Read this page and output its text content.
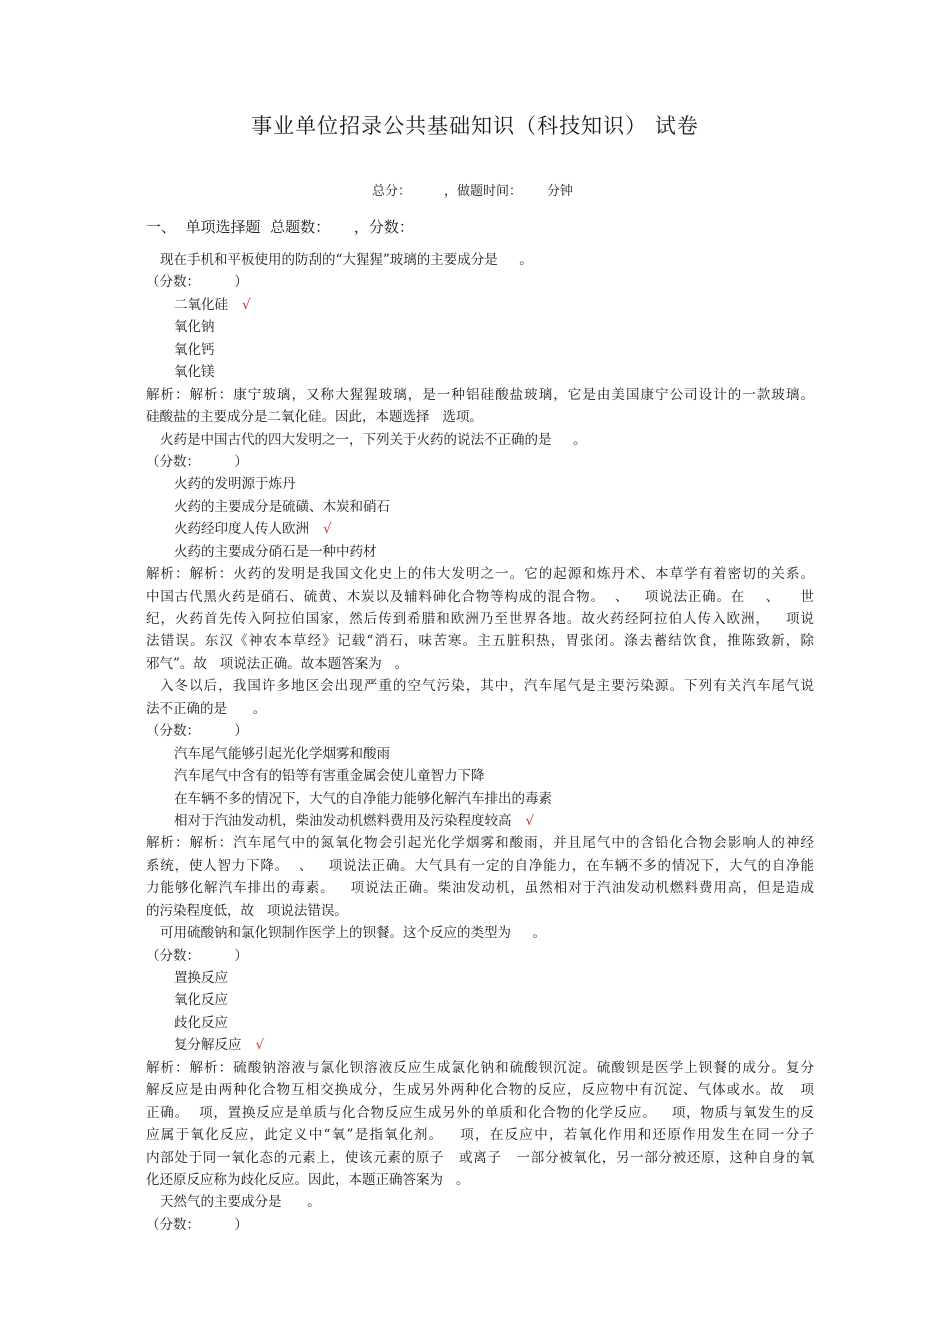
事业单位招录公共基础知识（科技知识） 试卷
总分：        ，做题时间：      分钟
一、  单项选择题  总题数：     ，分数：
现在手机和平板使用的防刮的“大猩猩”玻璃的主要成分是     。
（分数：        ）
二氧化硅 √
氧化钠
氧化钙
氧化镁
解析：解析：康宁玻璃，又称大猩猩玻璃，是一种铝硅酸盐玻璃，它是由美国康宁公司设计的一款玻璃。
硅酸盐的主要成分是二氧化硅。因此，本题选择   选项。
火药是中国古代的四大发明之一，下列关于火药的说法不正确的是     。
（分数：        ）
火药的发明源于炼丹
火药的主要成分是硫磺、木炭和硝石
火药经印度人传人欧洲 √
火药的主要成分硝石是一种中药材
解析：解析：火药的发明是我国文化史上的伟大发明之一。它的起源和炼丹术、本草学有着密切的关系。
中国古代黑火药是硝石、硫黄、木炭以及辅料砷化合物等构成的混合物。  、   项说法正确。在    、    世
纪，火药首先传入阿拉伯国家，然后传到希腊和欧洲乃至世界各地。故火药经阿拉伯人传入欧洲，   项说
法错误。东汉《神农本草经》记载“消石，味苦寒。主五脏积热，胃张闭。涤去蓄结饮食，推陈致新，除
邪气”。故   项说法正确。故本题答案为   。
入冬以后，我国许多地区会出现严重的空气污染，其中，汽车尾气是主要污染源。下列有关汽车尾气说
法不正确的是      。
（分数：        ）
汽车尾气能够引起光化学烟雾和酸雨
汽车尾气中含有的铅等有害重金属会使儿童智力下降
在车辆不多的情况下，大气的自净能力能够化解汽车排出的毒素
相对于汽油发动机，柴油发动机燃料费用及污染程度较高 √
解析：解析：汽车尾气中的氮氧化物会引起光化学烟雾和酸雨，并且尾气中的含铅化合物会影响人的神经
系统，使人智力下降。  、   项说法正确。大气具有一定的自净能力，在车辆不多的情况下，大气的自净能
力能够化解汽车排出的毒素。   项说法正确。柴油发动机，虽然相对于汽油发动机燃料费用高，但是造成
的污染程度低，故   项说法错误。
可用硫酸钠和氯化钡制作医学上的钡餐。这个反应的类型为     。
（分数：        ）
置换反应
氧化反应
歧化反应
复分解反应 √
解析：解析：硫酸钠溶液与氯化钡溶液反应生成氯化钠和硫酸钡沉淀。硫酸钡是医学上钡餐的成分。复分
解反应是由两种化合物互相交换成分，生成另外两种化合物的反应，反应物中有沉淀、气体或水。故   项
正确。  项，置换反应是单质与化合物反应生成另外的单质和化合物的化学反应。   项，物质与氧发生的反
应属于氧化反应，此定义中“氧”是指氧化剂。   项，在反应中，若氧化作用和还原作用发生在同一分子
内部处于同一氧化态的元素上，使该元素的原子   或离子   一部分被氧化，另一部分被还原，这种自身的氧
化还原反应称为歧化反应。因此，本题正确答案为   。
天然气的主要成分是      。
（分数：        ）
